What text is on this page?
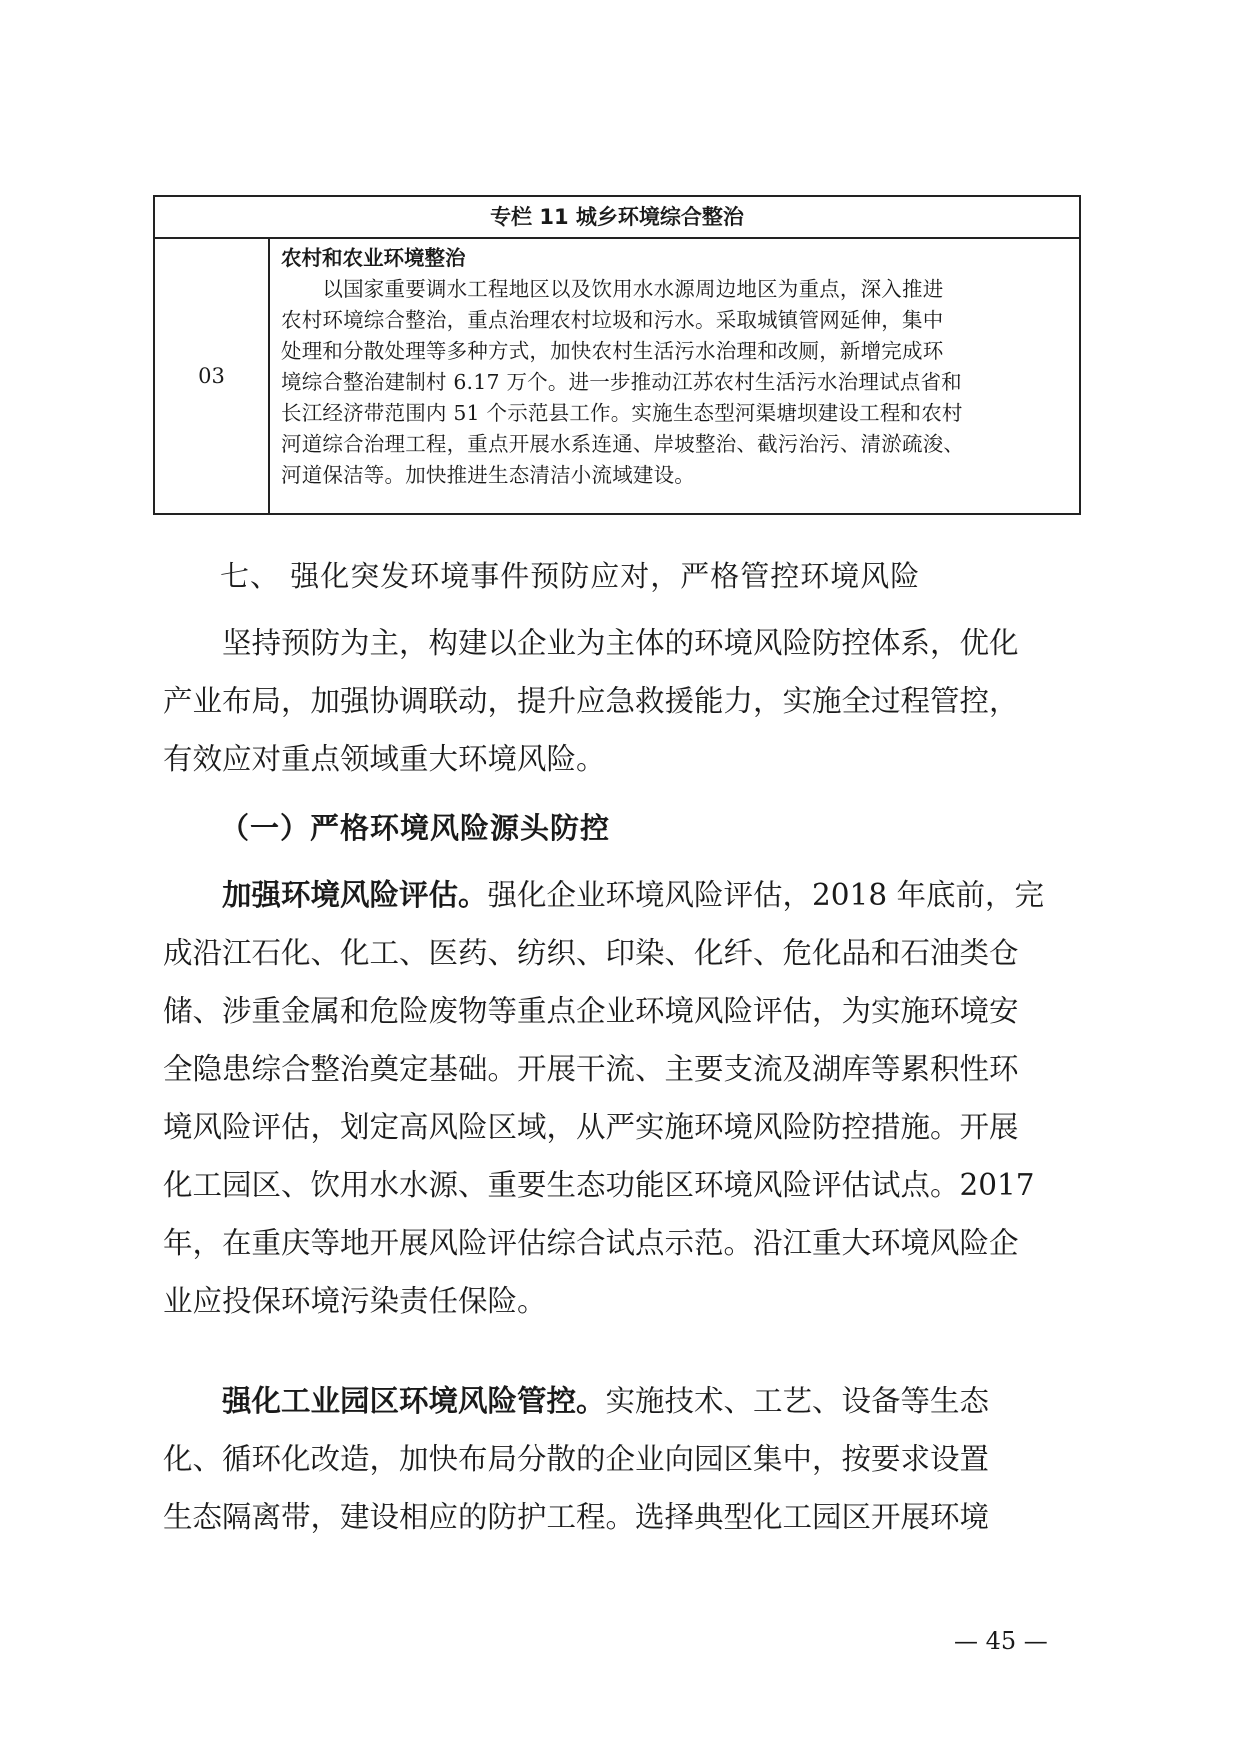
专栏 11 城乡环境综合整治
03
农村和农业环境整治
　　以国家重要调水工程地区以及饮用水水源周边地区为重点，深入推进
农村环境综合整治，重点治理农村垃圾和污水。采取城镇管网延伸，集中
处理和分散处理等多种方式，加快农村生活污水治理和改厕，新增完成环
境综合整治建制村 6.17 万个。进一步推动江苏农村生活污水治理试点省和
长江经济带范围内 51 个示范县工作。实施生态型河渠塘坝建设工程和农村
河道综合治理工程，重点开展水系连通、岸坡整治、截污治污、清淤疏浚、
河道保洁等。加快推进生态清洁小流域建设。
七、 强化突发环境事件预防应对，严格管控环境风险
　　坚持预防为主，构建以企业为主体的环境风险防控体系，优化
产业布局，加强协调联动，提升应急救援能力，实施全过程管控，
有效应对重点领域重大环境风险。
（一）严格环境风险源头防控
　　加强环境风险评估。强化企业环境风险评估，2018 年底前，完
成沿江石化、化工、医药、纺织、印染、化纤、危化品和石油类仓
储、涉重金属和危险废物等重点企业环境风险评估，为实施环境安
全隐患综合整治奠定基础。开展干流、主要支流及湖库等累积性环
境风险评估，划定高风险区域，从严实施环境风险防控措施。开展
化工园区、饮用水水源、重要生态功能区环境风险评估试点。2017
年，在重庆等地开展风险评估综合试点示范。沿江重大环境风险企
业应投保环境污染责任保险。
　　强化工业园区环境风险管控。实施技术、工艺、设备等生态
化、循环化改造，加快布局分散的企业向园区集中，按要求设置
生态隔离带，建设相应的防护工程。选择典型化工园区开展环境
— 45 —
